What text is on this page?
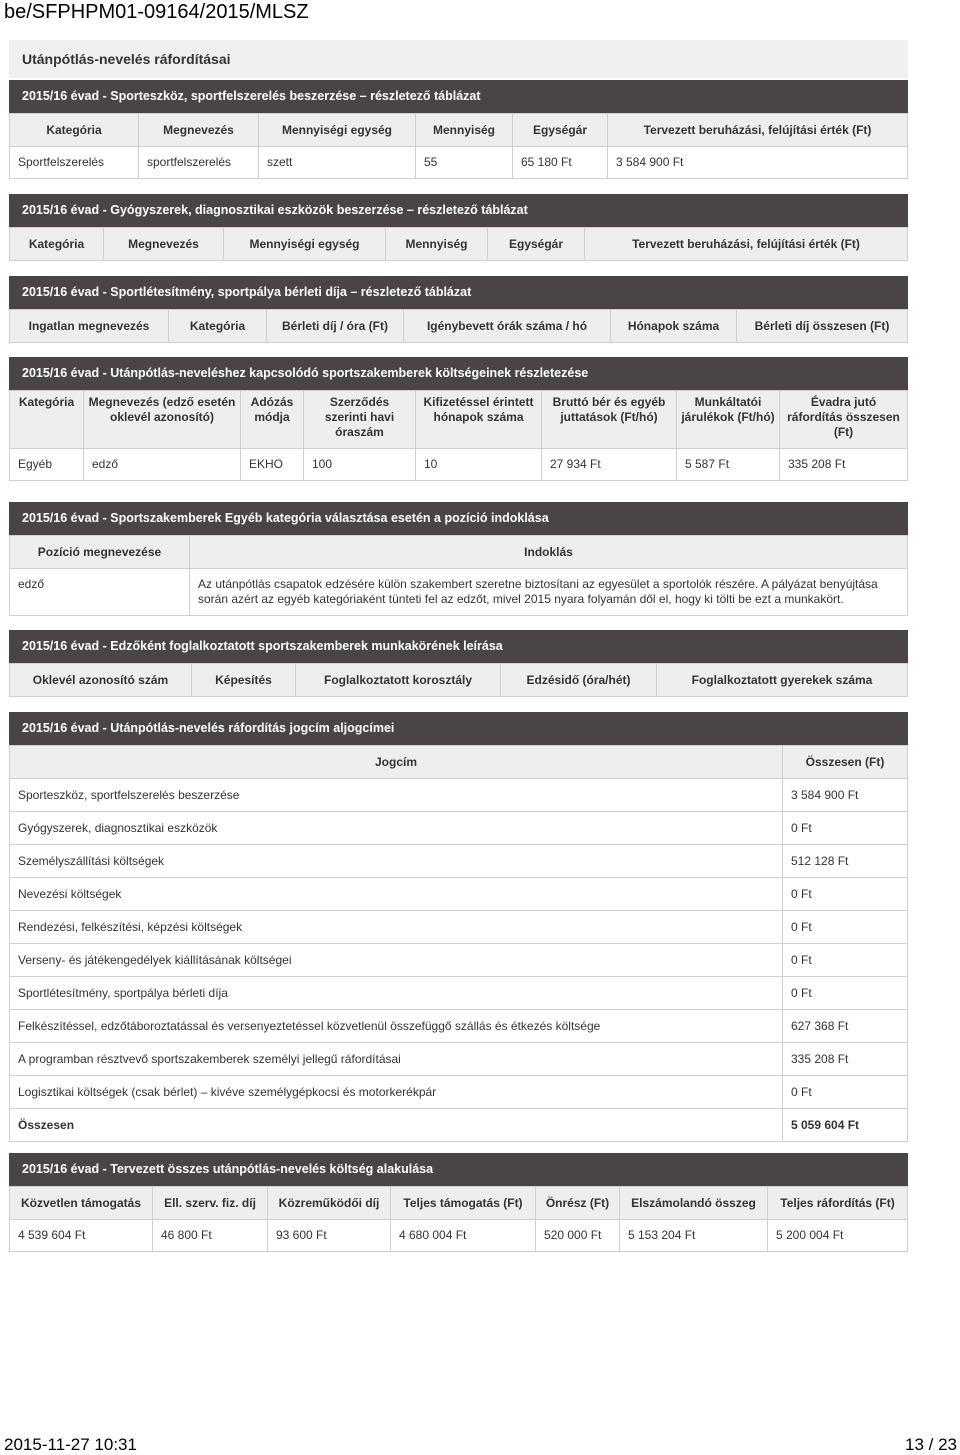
be/SFPHPM01-09164/2015/MLSZ
Utánpótlás-nevelés ráfordításai
2015/16 évad - Sporteszköz, sportfelszerelés beszerzése – részletező táblázat
Kategória	Megnevezés	Mennyiségi egység	Mennyiség	Egységár	Tervezett beruházási, felújítási érték (Ft)
Sportfelszerelés	sportfelszerelés	szett	55	65 180 Ft	3 584 900 Ft
2015/16 évad - Gyógyszerek, diagnosztikai eszközök beszerzése – részletező táblázat
Kategória	Megnevezés	Mennyiségi egység	Mennyiség	Egységár	Tervezett beruházási, felújítási érték (Ft)
2015/16 évad - Sportlétesítmény, sportpálya bérleti díja – részletező táblázat
Ingatlan megnevezés	Kategória	Bérleti díj / óra (Ft)	Igénybevett órák száma / hó	Hónapok száma	Bérleti díj összesen (Ft)
2015/16 évad - Utánpótlás-neveléshez kapcsolódó sportszakemberek költségeinek részletezése
Kategória	Megnevezés (edző esetén oklevél azonosító)	Adózás módja	Szerződés szerinti havi óraszám	Kifizetéssel érintett hónapok száma	Bruttó bér és egyéb juttatások (Ft/hó)	Munkáltatói járulékok (Ft/hó)	Évadra jutó ráfordítás összesen (Ft)
Egyéb	edző	EKHO	100	10	27 934 Ft	5 587 Ft	335 208 Ft
2015/16 évad - Sportszakemberek Egyéb kategória választása esetén a pozíció indoklása
Pozíció megnevezése	Indoklás
edző	Az utánpótlás csapatok edzésére külön szakembert szeretne biztosítani az egyesület a sportolók részére. A pályázat benyújtása során azért az egyéb kategóriaként tünteti fel az edzőt, mivel 2015 nyara folyamán dől el, hogy ki tölti be ezt a munkakört.
2015/16 évad - Edzőként foglalkoztatott sportszakemberek munkakörének leírása
Oklevél azonosító szám	Képesítés	Foglalkoztatott korosztály	Edzésidő (óra/hét)	Foglalkoztatott gyerekek száma
2015/16 évad - Utánpótlás-nevelés ráfordítás jogcím aljogcímei
Jogcím	Összesen (Ft)
Sporteszköz, sportfelszerelés beszerzése	3 584 900 Ft
Gyógyszerek, diagnosztikai eszközök	0 Ft
Személyszállítási költségek	512 128 Ft
Nevezési költségek	0 Ft
Rendezési, felkészítési, képzési költségek	0 Ft
Verseny- és játékengedélyek kiállításának költségei	0 Ft
Sportlétesítmény, sportpálya bérleti díja	0 Ft
Felkészítéssel, edzőtáboroztatással és versenyeztetéssel közvetlenül összefüggő szállás és étkezés költsége	627 368 Ft
A programban résztvevő sportszakemberek személyi jellegű ráfordításai	335 208 Ft
Logisztikai költségek (csak bérlet) – kivéve személygépkocsi és motorkerékpár	0 Ft
Összesen	5 059 604 Ft
2015/16 évad - Tervezett összes utánpótlás-nevelés költség alakulása
Közvetlen támogatás	Ell. szerv. fiz. díj	Közreműködői díj	Teljes támogatás (Ft)	Önrész (Ft)	Elszámolandó összeg	Teljes ráfordítás (Ft)
4 539 604 Ft	46 800 Ft	93 600 Ft	4 680 004 Ft	520 000 Ft	5 153 204 Ft	5 200 004 Ft
2015-11-27 10:31	13 / 23
